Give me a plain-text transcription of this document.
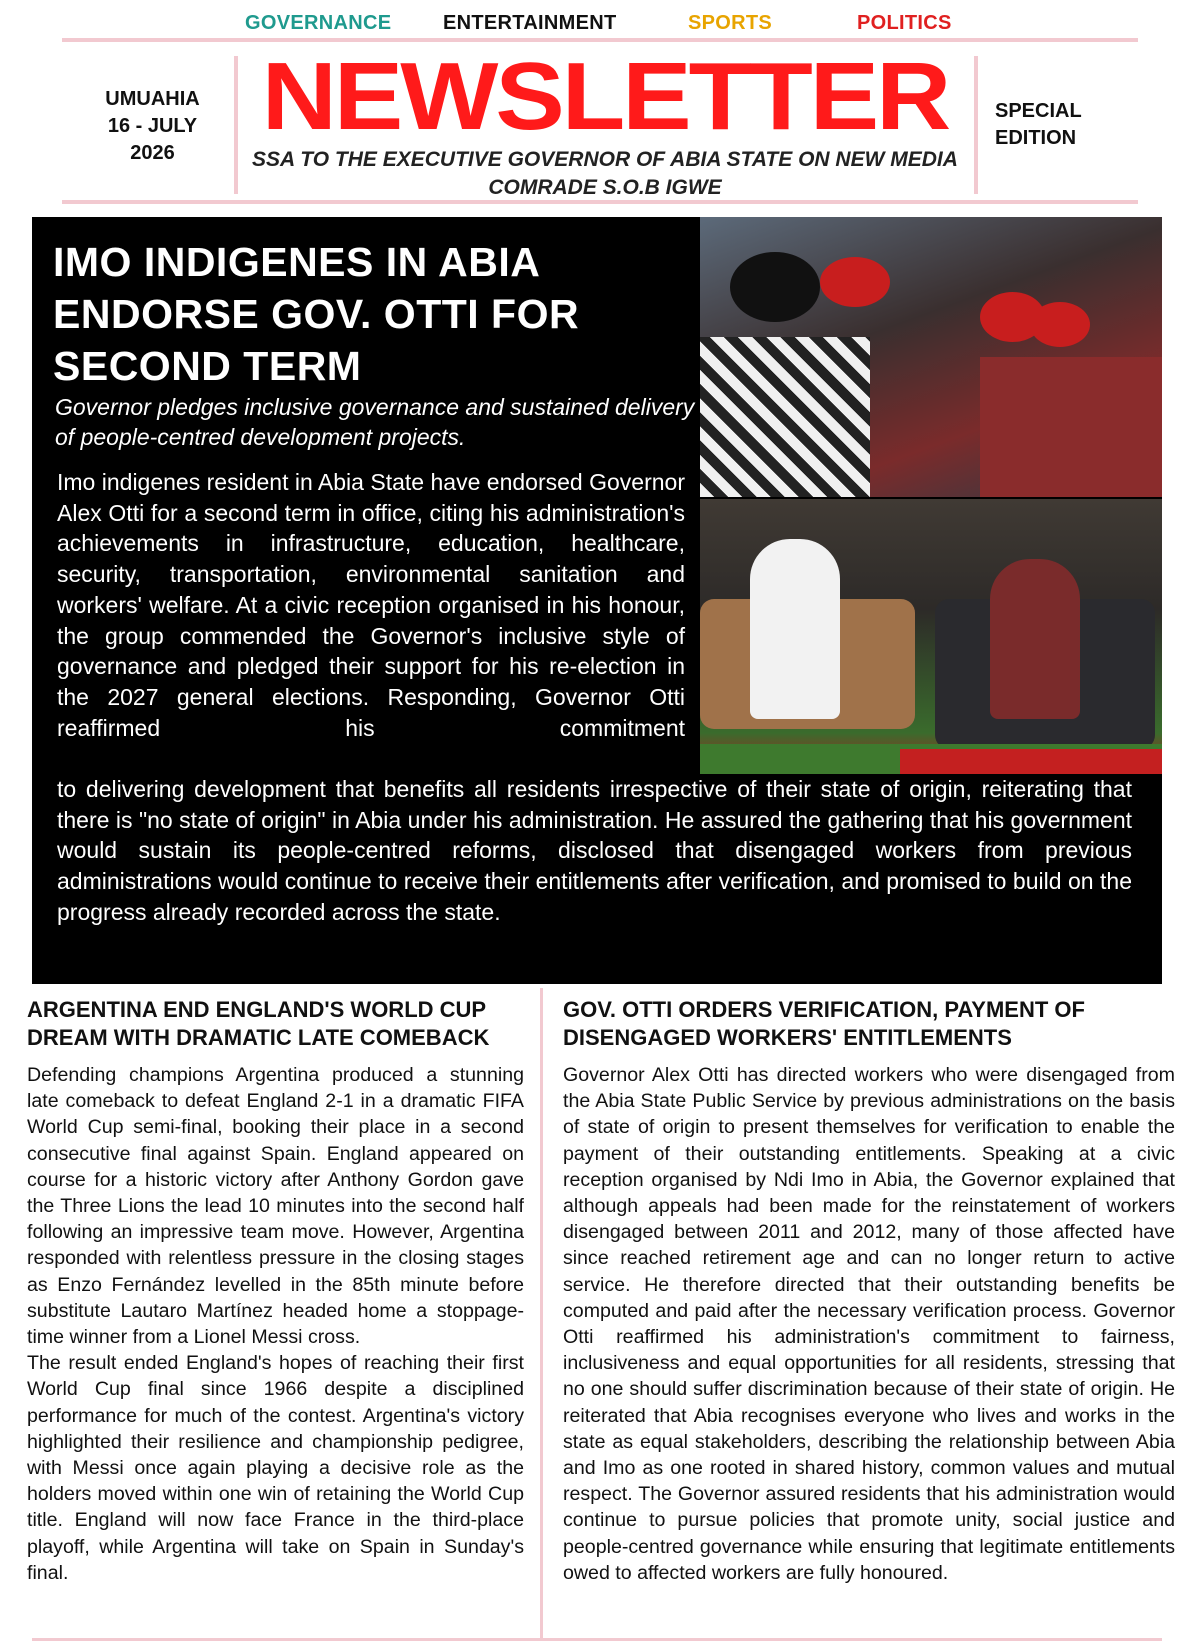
GOVERNANCE	ENTERTAINMENT	SPORTS	POLITICS
UMUAHIA
16 - JULY
2026
NEWSLETTER
SSA TO THE EXECUTIVE GOVERNOR OF ABIA STATE ON NEW MEDIA
COMRADE S.O.B IGWE
SPECIAL
EDITION
IMO INDIGENES IN ABIA ENDORSE GOV. OTTI FOR SECOND TERM
Governor pledges inclusive governance and sustained delivery of people-centred development projects.
Imo indigenes resident in Abia State have endorsed Governor Alex Otti for a second term in office, citing his administration's achievements in infrastructure, education, healthcare, security, transportation, environmental sanitation and workers' welfare. At a civic reception organised in his honour, the group commended the Governor's inclusive style of governance and pledged their support for his re-election in the 2027 general elections. Responding, Governor Otti reaffirmed his commitment
to delivering development that benefits all residents irrespective of their state of origin, reiterating that there is "no state of origin" in Abia under his administration. He assured the gathering that his government would sustain its people-centred reforms, disclosed that disengaged workers from previous administrations would continue to receive their entitlements after verification, and promised to build on the progress already recorded across the state.
ARGENTINA END ENGLAND'S WORLD CUP DREAM WITH DRAMATIC LATE COMEBACK

Defending champions Argentina produced a stunning late comeback to defeat England 2-1 in a dramatic FIFA World Cup semi-final, booking their place in a second consecutive final against Spain. England appeared on course for a historic victory after Anthony Gordon gave the Three Lions the lead 10 minutes into the second half following an impressive team move. However, Argentina responded with relentless pressure in the closing stages as Enzo Fernández levelled in the 85th minute before substitute Lautaro Martínez headed home a stoppage-time winner from a Lionel Messi cross.

The result ended England's hopes of reaching their first World Cup final since 1966 despite a disciplined performance for much of the contest. Argentina's victory highlighted their resilience and championship pedigree, with Messi once again playing a decisive role as the holders moved within one win of retaining the World Cup title. England will now face France in the third-place playoff, while Argentina will take on Spain in Sunday's final.

GOV. OTTI ORDERS VERIFICATION, PAYMENT OF DISENGAGED WORKERS' ENTITLEMENTS

Governor Alex Otti has directed workers who were disengaged from the Abia State Public Service by previous administrations on the basis of state of origin to present themselves for verification to enable the payment of their outstanding entitlements. Speaking at a civic reception organised by Ndi Imo in Abia, the Governor explained that although appeals had been made for the reinstatement of workers disengaged between 2011 and 2012, many of those affected have since reached retirement age and can no longer return to active service. He therefore directed that their outstanding benefits be computed and paid after the necessary verification process. Governor Otti reaffirmed his administration's commitment to fairness, inclusiveness and equal opportunities for all residents, stressing that no one should suffer discrimination because of their state of origin. He reiterated that Abia recognises everyone who lives and works in the state as equal stakeholders, describing the relationship between Abia and Imo as one rooted in shared history, common values and mutual respect. The Governor assured residents that his administration would continue to pursue policies that promote unity, social justice and people-centred governance while ensuring that legitimate entitlements owed to affected workers are fully honoured.
